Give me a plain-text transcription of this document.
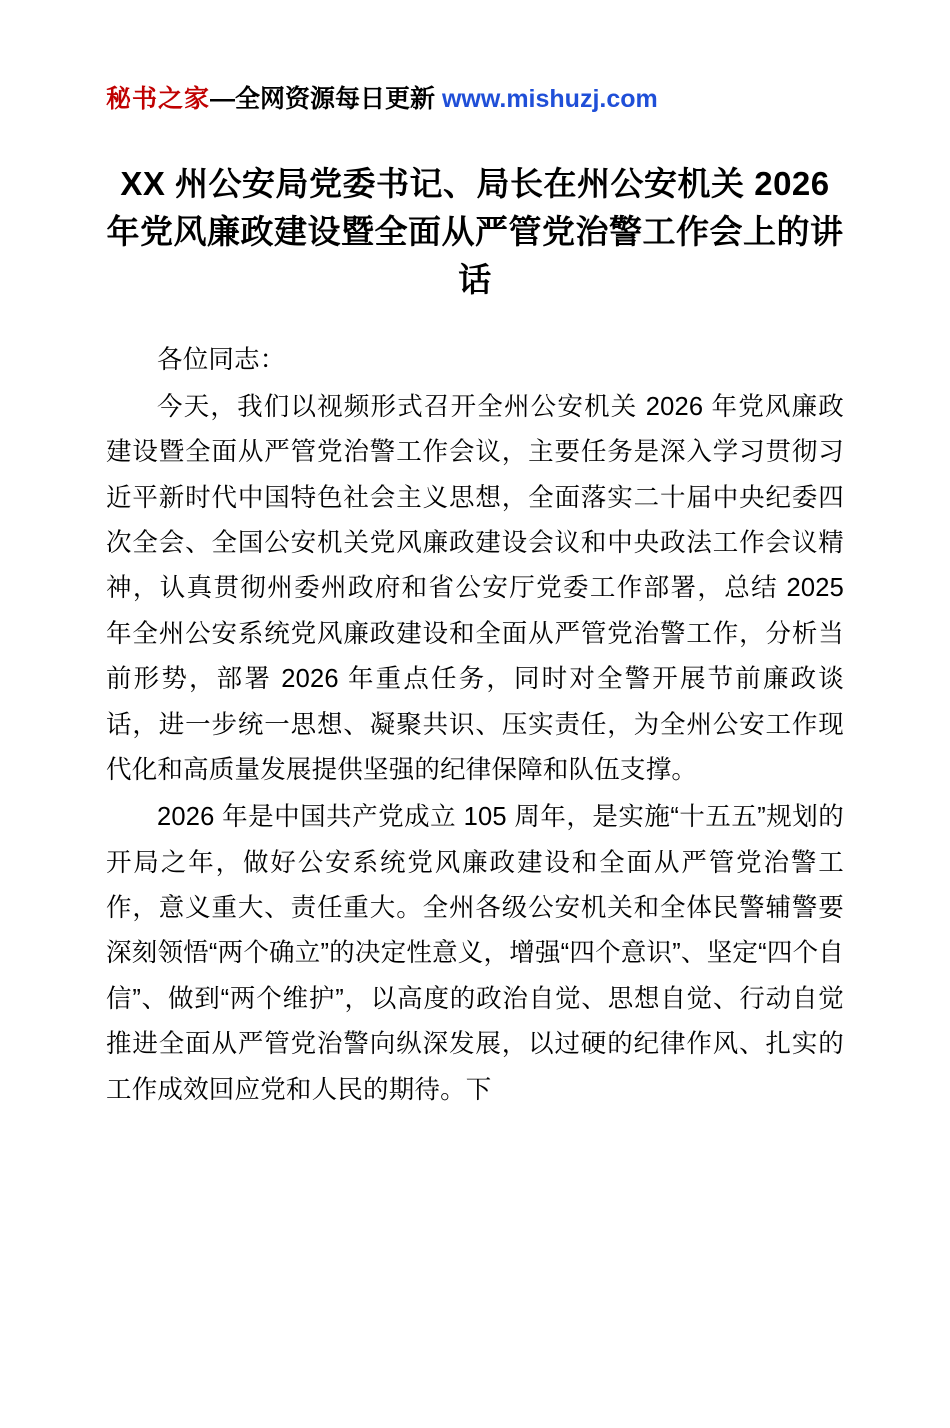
秘书之家—全网资源每日更新 www.mishuzj.com
XX 州公安局党委书记、局长在州公安机关 2026 年党风廉政建设暨全面从严管党治警工作会上的讲话

各位同志：

今天，我们以视频形式召开全州公安机关 2026 年党风廉政建设暨全面从严管党治警工作会议，主要任务是深入学习贯彻习近平新时代中国特色社会主义思想，全面落实二十届中央纪委四次全会、全国公安机关党风廉政建设会议和中央政法工作会议精神，认真贯彻州委州政府和省公安厅党委工作部署，总结 2025 年全州公安系统党风廉政建设和全面从严管党治警工作，分析当前形势，部署 2026 年重点任务，同时对全警开展节前廉政谈话，进一步统一思想、凝聚共识、压实责任，为全州公安工作现代化和高质量发展提供坚强的纪律保障和队伍支撑。

2026 年是中国共产党成立 105 周年，是实施“十五五”规划的开局之年，做好公安系统党风廉政建设和全面从严管党治警工作，意义重大、责任重大。全州各级公安机关和全体民警辅警要深刻领悟“两个确立”的决定性意义，增强“四个意识”、坚定“四个自信”、做到“两个维护”，以高度的政治自觉、思想自觉、行动自觉推进全面从严管党治警向纵深发展，以过硬的纪律作风、扎实的工作成效回应党和人民的期待。下
